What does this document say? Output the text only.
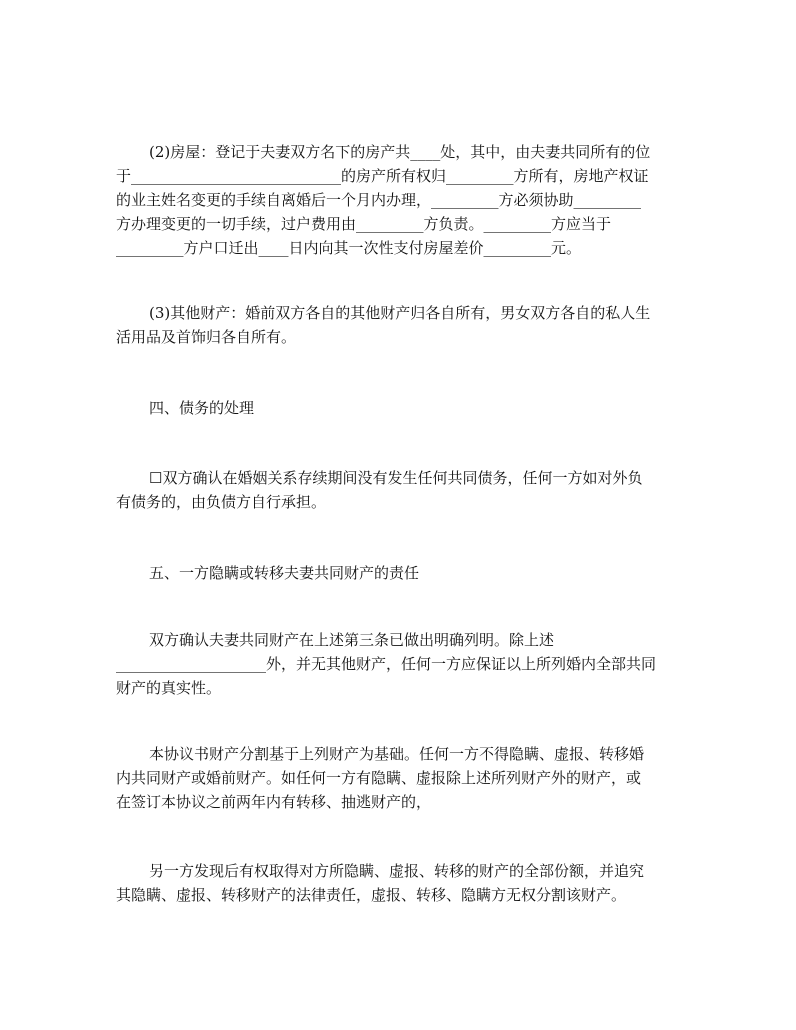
(2)房屋：登记于夫妻双方名下的房产共____处，其中，由夫妻共同所有的位
于____________________________的房产所有权归_________方所有，房地产权证
的业主姓名变更的手续自离婚后一个月内办理，_________方必须协助_________
方办理变更的一切手续，过户费用由_________方负责。_________方应当于
_________方户口迁出____日内向其一次性支付房屋差价_________元。
(3)其他财产：婚前双方各自的其他财产归各自所有，男女双方各自的私人生
活用品及首饰归各自所有。
四、债务的处理
☐双方确认在婚姻关系存续期间没有发生任何共同债务，任何一方如对外负
有债务的，由负债方自行承担。
五、一方隐瞒或转移夫妻共同财产的责任
双方确认夫妻共同财产在上述第三条已做出明确列明。除上述
____________________外，并无其他财产，任何一方应保证以上所列婚内全部共同
财产的真实性。
本协议书财产分割基于上列财产为基础。任何一方不得隐瞒、虚报、转移婚
内共同财产或婚前财产。如任何一方有隐瞒、虚报除上述所列财产外的财产，或
在签订本协议之前两年内有转移、抽逃财产的，
另一方发现后有权取得对方所隐瞒、虚报、转移的财产的全部份额，并追究
其隐瞒、虚报、转移财产的法律责任，虚报、转移、隐瞒方无权分割该财产。
